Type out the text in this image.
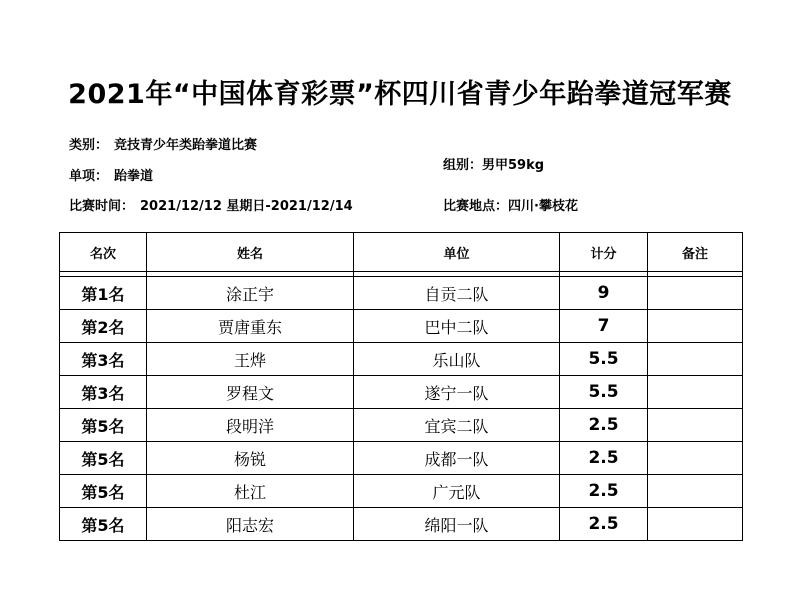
2021年“中国体育彩票”杯四川省青少年跆拳道冠军赛
类别： 竞技青少年类跆拳道比赛
单项： 跆拳道
组别：男甲59kg
比赛时间： 2021/12/12 星期日-2021/12/14	比赛地点：四川·攀枝花
名次	姓名	单位	计分	备注

第1名	涂正宇	自贡二队	9	
第2名	贾唐重东	巴中二队	7	
第3名	王烨	乐山队	5.5	
第3名	罗程文	遂宁一队	5.5	
第5名	段明洋	宜宾二队	2.5	
第5名	杨锐	成都一队	2.5	
第5名	杜江	广元队	2.5	
第5名	阳志宏	绵阳一队	2.5	
